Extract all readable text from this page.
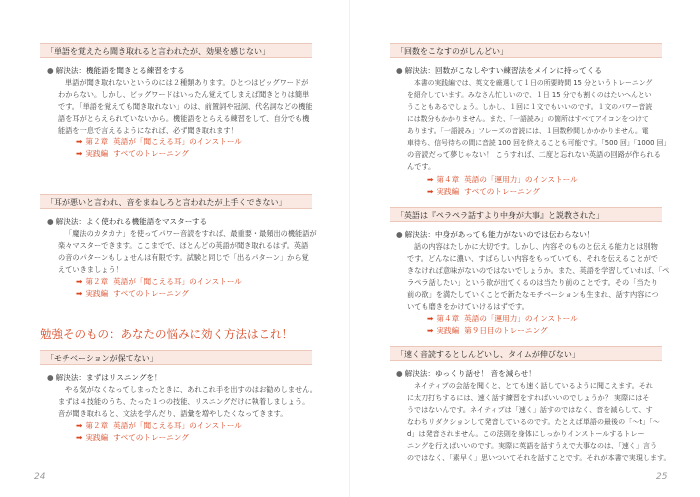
「単語を覚えたら聞き取れると言われたが、効果を感じない」
● 解決法：機能語を聞きとる練習をする
単語が聞き取れないというのには２種類あります。ひとつはビッグワードが
わからない。しかし、ビッグワードはいったん覚えてしまえば聞きとりは簡単
です。「単語を覚えても聞き取れない」のは、前置詞や冠詞、代名詞などの機能
語を耳がとらえられていないから。機能語をとらえる練習をして、自分でも機
能語を一息で言えるようになれば、必ず聞き取れます！
➡ 第２章 英語が「聞こえる耳」のインストール
➡ 実践編 すべてのトレーニング
「耳が悪いと言われ、音をまねしろと言われたが上手くできない」
● 解決法：よく使われる機能語をマスターする
「魔法のカタカナ」を使ってパワー音読をすれば、最重要・最頻出の機能語が
楽々マスターできます。ここまでで、ほとんどの英語が聞き取れるはず。英語
の音のパターンもしょせんは有限です。試験と同じで「出るパターン」から覚
えていきましょう！
➡ 第２章 英語が「聞こえる耳」のインストール
➡ 実践編 すべてのトレーニング
勉強そのもの：あなたの悩みに効く方法はこれ！
「モチベーションが保てない」
● 解決法：まずはリスニングを！
やる気がなくなってしまったときに、あれこれ手を出すのはお勧めしません。
まずは４技能のうち、たった１つの技能、リスニングだけに執着しましょう。
音が聞き取れると、文法を学んだり、語彙を増やしたくなってきます。
➡ 第２章 英語が「聞こえる耳」のインストール
➡ 実践編 すべてのトレーニング
24
「回数をこなすのがしんどい」
● 解決法：回数がこなしやすい練習法をメインに持ってくる
本書の実践編では、英文を厳選して１日の所要時間 15 分というトレーニング
を紹介しています。みなさん忙しいので、１日 15 分でも割くのはたいへんとい
うこともあるでしょう。しかし、１回に１文でもいいのです。１文のパワー音読
には数分もかかりません。また、「一語読み」の箇所はすべてアイコンをつけて
あります。「一語読み」フレーズの音読には、１回数秒間しかかかりません。電
車待ち、信号待ちの間に音読 100 回を終えることも可能です。「500 回」「1000 回」
の音読だって夢じゃない！ こうすれば、二度と忘れない英語の回路が作られる
んです。
➡ 第４章 英語の「運用力」のインストール
➡ 実践編 すべてのトレーニング
「英語は『ペラペラ話すより中身が大事』と説教された」
● 解決法：中身があっても能力がないのでは伝わらない！
話の内容はたしかに大切です。しかし、内容そのものと伝える能力とは別物
です。どんなに濃い、すばらしい内容をもっていても、それを伝えることがで
きなければ意味がないのではないでしょうか。また、英語を学習していれば、「ペ
ラペラ話したい」という欲が出てくるのは当たり前のことです。その「当たり
前の欲」を満たしていくことで新たなモチベーションも生まれ、話す内容につ
いても磨きをかけていけるはずです。
➡ 第４章 英語の「運用力」のインストール
➡ 実践編 第９日目のトレーニング
「速く音読するとしんどいし、タイムが伸びない」
● 解決法：ゆっくり話せ！ 音を減らせ！
ネイティブの会話を聞くと、とても速く話しているように聞こえます。それ
に太刀打ちするには、速く話す練習をすればいいのでしょうか？ 実際にはそ
うではないんです。ネイティブは「速く」話すのではなく、音を減らして、す
なわちリダクションして発音しているのです。たとえば単語の最後の「～t」「～
d」は発音されません。この法則を身体にしっかりインストールするトレー
ニングを行えばいいのです。実際に英語を話すうえで大事なのは、「速く」言う
のではなく、「素早く」思いついてそれを話すことです。それが本書で実現します。
25
